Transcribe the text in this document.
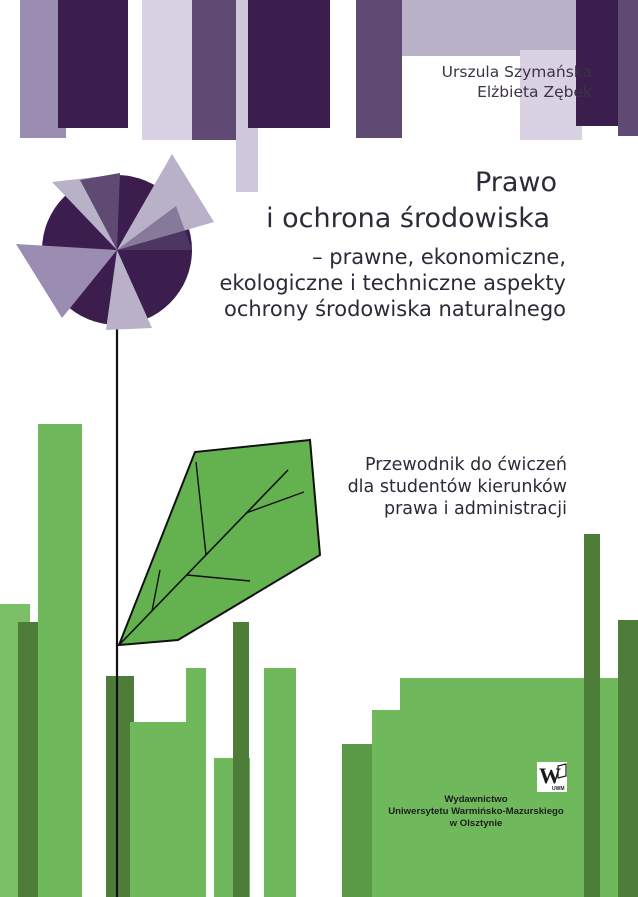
Urszula Szymańska
Elżbieta Zębek
Prawo
i ochrona środowiska
– prawne, ekonomiczne,
ekologiczne i techniczne aspekty
ochrony środowiska naturalnego
Przewodnik do ćwiczeń
dla studentów kierunków
prawa i administracji
W
UWM
Wydawnictwo
Uniwersytetu Warmińsko-Mazurskiego
w Olsztynie
